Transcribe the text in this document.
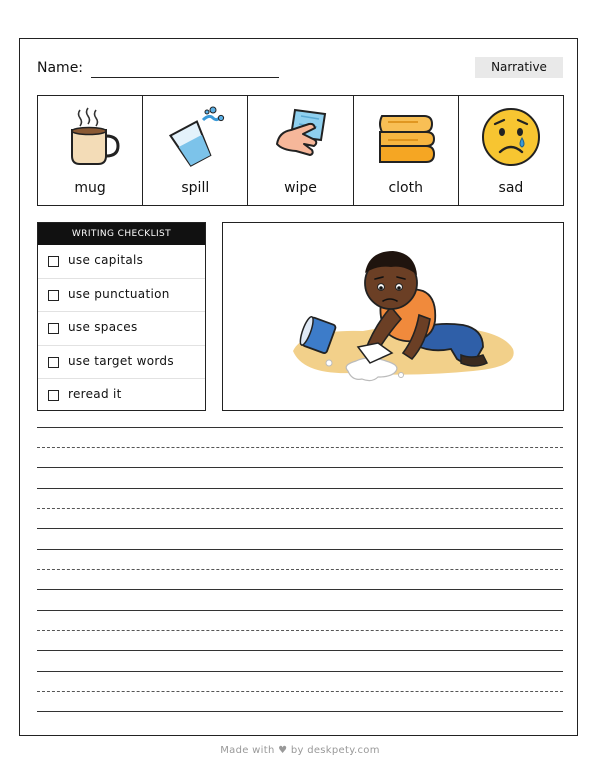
Name:	Narrative
mug	spill	wipe	cloth	sad
WRITING CHECKLIST
use capitals
use punctuation
use spaces
use target words
reread it
Made with ♥ by deskpety.com
